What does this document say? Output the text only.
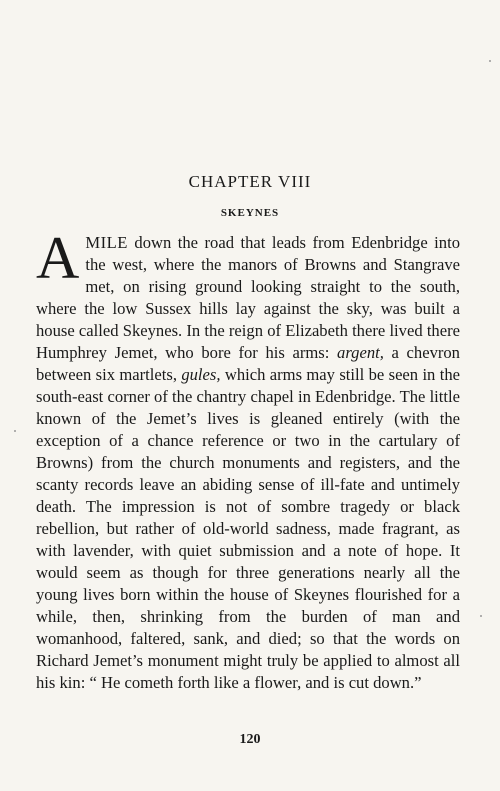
CHAPTER VIII
SKEYNES
AMILE down the road that leads from Edenbridge into the west, where the manors of Browns and Stangrave met, on rising ground looking straight to the south, where the low Sussex hills lay against the sky, was built a house called Skeynes. In the reign of Elizabeth there lived there Humphrey Jemet, who bore for his arms: argent, a chevron between six martlets, gules, which arms may still be seen in the south-east corner of the chantry chapel in Edenbridge. The little known of the Jemet’s lives is gleaned entirely (with the exception of a chance reference or two in the cartulary of Browns) from the church monuments and registers, and the scanty records leave an abiding sense of ill-fate and untimely death. The impression is not of sombre tragedy or black rebellion, but rather of old-world sadness, made fragrant, as with lavender, with quiet submission and a note of hope. It would seem as though for three generations nearly all the young lives born within the house of Skeynes flourished for a while, then, shrinking from the burden of man and womanhood, faltered, sank, and died; so that the words on Richard Jemet’s monument might truly be applied to almost all his kin: “ He cometh forth like a flower, and is cut down.”
120
